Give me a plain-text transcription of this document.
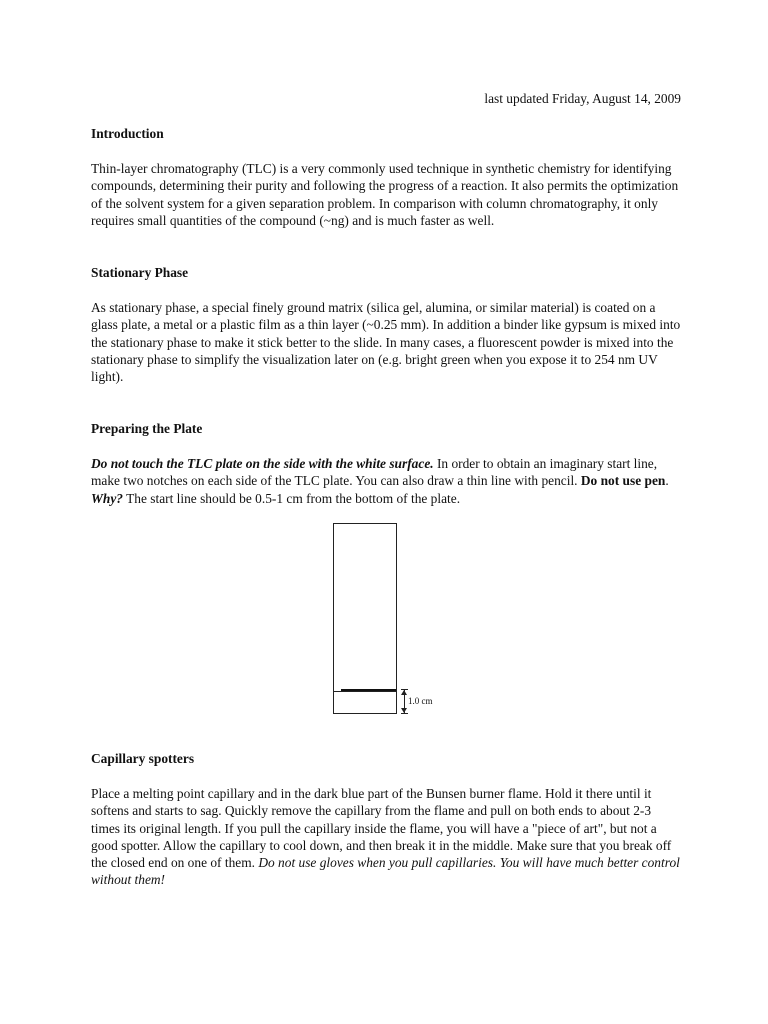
last updated Friday, August 14, 2009
Introduction

Thin-layer chromatography (TLC) is a very commonly used technique in synthetic chemistry for identifying compounds, determining their purity and following the progress of a reaction. It also permits the optimization of the solvent system for a given separation problem. In comparison with column chromatography, it only requires small quantities of the compound (~ng) and is much faster as well.

Stationary Phase

As stationary phase, a special finely ground matrix (silica gel, alumina, or similar material) is coated on a glass plate, a metal or a plastic film as a thin layer (~0.25 mm). In addition a binder like gypsum is mixed into the stationary phase to make it stick better to the slide. In many cases, a fluorescent powder is mixed into the stationary phase to simplify the visualization later on (e.g. bright green when you expose it to 254 nm UV light).

Preparing the Plate

Do not touch the TLC plate on the side with the white surface. In order to obtain an imaginary start line, make two notches on each side of the TLC plate. You can also draw a thin line with pencil. Do not use pen. Why? The start line should be 0.5-1 cm from the bottom of the plate.

1.0 cm
Capillary spotters

Place a melting point capillary and in the dark blue part of the Bunsen burner flame. Hold it there until it softens and starts to sag. Quickly remove the capillary from the flame and pull on both ends to about 2-3 times its original length. If you pull the capillary inside the flame, you will have a "piece of art", but not a good spotter. Allow the capillary to cool down, and then break it in the middle. Make sure that you break off the closed end on one of them. Do not use gloves when you pull capillaries. You will have much better control without them!
